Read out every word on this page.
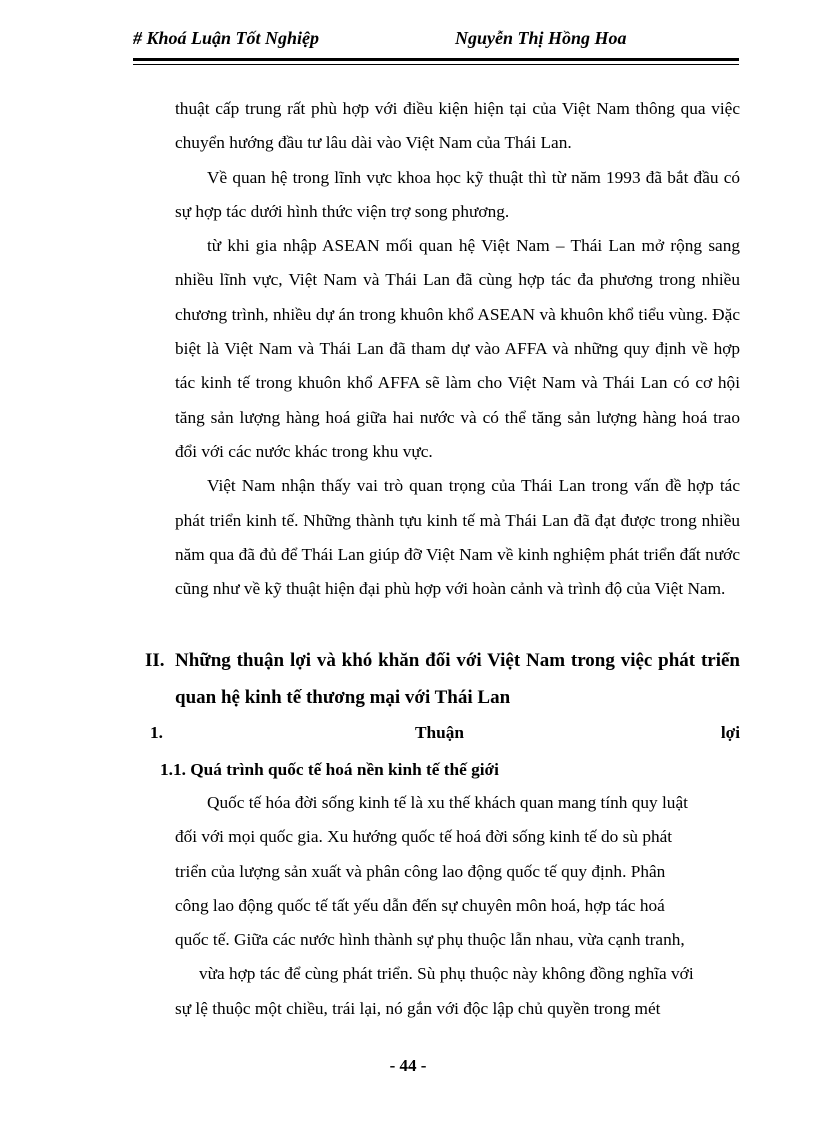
# Khoá Luận Tốt Nghiệp	Nguyễn Thị Hồng Hoa

thuật cấp trung rất phù hợp với điều kiện hiện tại của Việt Nam thông qua việc chuyển hướng đầu tư lâu dài vào Việt Nam của Thái Lan.

Về quan hệ trong lĩnh vực khoa học kỹ thuật thì từ năm 1993 đã bắt đầu có sự hợp tác dưới hình thức viện trợ song phương.

từ khi gia nhập ASEAN mối quan hệ Việt Nam – Thái Lan mở rộng sang nhiều lĩnh vực, Việt Nam và Thái Lan đã cùng hợp tác đa phương trong nhiều chương trình, nhiều dự án trong khuôn khổ ASEAN và khuôn khổ tiểu vùng. Đặc biệt là Việt Nam và Thái Lan đã tham dự vào AFFA và những quy định về hợp tác kinh tế trong khuôn khổ AFFA sẽ làm cho Việt Nam và Thái Lan có cơ hội tăng sản lượng hàng hoá giữa hai nước và có thể tăng sản lượng hàng hoá trao đổi với các nước khác trong khu vực.

Việt Nam nhận thấy vai trò quan trọng của Thái Lan trong vấn đề hợp tác phát triển kinh tế. Những thành tựu kinh tế mà Thái Lan đã đạt được trong nhiều năm qua đã đủ để Thái Lan giúp đỡ Việt Nam về kinh nghiệm phát triển đất nước cũng như về kỹ thuật hiện đại phù hợp với hoàn cảnh và trình độ của Việt Nam.

II. Những thuận lợi và khó khăn đối với Việt Nam trong việc phát triển quan hệ kinh tế thương mại với Thái Lan
1.	Thuận	lợi
1.1. Quá trình quốc tế hoá nền kinh tế thế giới
Quốc tế hóa đời sống kinh tế là xu thế khách quan mang tính quy luật
đối với mọi quốc gia. Xu hướng quốc tế hoá đời sống kinh tế do sù phát
triển của lượng sản xuất và phân công lao động quốc tế quy định. Phân
công lao động quốc tế tất yếu dẫn đến sự chuyên môn hoá, hợp tác hoá
quốc tế. Giữa các nước hình thành sự phụ thuộc lẫn nhau, vừa cạnh tranh,
vừa hợp tác để cùng phát triển. Sù phụ thuộc này không đồng nghĩa với
sự lệ thuộc một chiều, trái lại, nó gắn với độc lập chủ quyền trong mét
- 44 -
